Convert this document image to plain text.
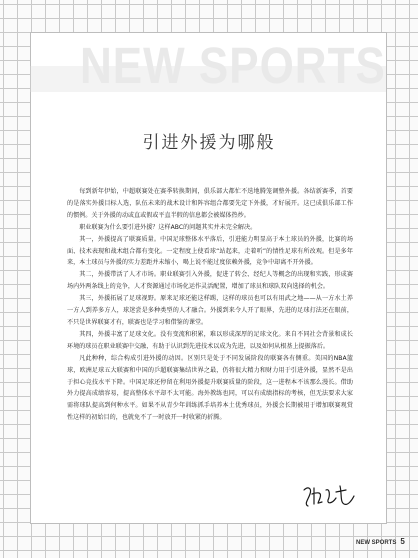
NEW SPORTS
引进外援为哪般

每到新年伊始，中超联赛处在赛季转换期间，俱乐部大都忙不迭地腾笼调整外援。各结新赛季，首要的是落实外援目标人选，队伍未来的战术设计和阵容组合都要先定下外援，才好展开。这已成俱乐部工作的惯例。关于外援的动或直或假或平直半假的信息都会被媒体热炒。

职业联赛为什么要引进外援？这样ABC的问题其实并未完全解决。

其一，外援提高了联赛质量。中国足球整体水平落后，引进能力明显高于本土球员的外援，比赛的场面、技术表现和战术组合都有变化。一定程度上使看球“站起来，走着听”的情性足球有所改观。但是多年来，本土球员与外援的实力差距并未缩小，喝上说不能过度依赖外援，竞争中却离不开外援。

其二，外援带活了人才市场。职业联赛引入外援，促进了转会、经纪人等概念的出现和实践，形成赛场内外两条线上的竞争，人才资源通过市场化运作灵活配置，增加了球员和球队双向选择的机会。

其三，外援拓展了足球视野。原来足球还能这样踢，这样的球员也可以有用武之地——从一方水土养一方人到养多方人，球迷尝是多种类型的人才融合。外援到来令人开了眼界，先进的足球打法还在眼前，不只是世界联赛才有，联赛也是学习和借鉴的课堂。

其四，外援丰富了足球文化。没有变流和积累，难以形成深厚的足球文化。来自不同社会背景和成长环境的球员在职业联赛中交融，有助于认识到先进技术以成为先进，以及如何从根基上提振落后。

凡此种种，综合构成引进外援的动因。区别只是处于不同发展阶段的联赛各有侧重。美国的NBA篮球，欧洲足球五大联赛和中国的乒超联赛集结世界之最，仍将很大精力和财力用于引进外援，显然不是出于担心竞技水平下降。中国足球还停留在利用外援提升联赛质量的阶段，这一进程本不该那么漫长。借助外力提高成绩容易，提高整体水平却不太可能。海外教练也同，可以有成绩指标的考核，但无法要求大家需将球队提高到何种水平。如果不从青少年训练抓手培养本土优秀球员，外援会长期被用于增加联赛观赏性这样的初始目的，也就免不了一时放开一时收紧的折腾。

NEW SPORTS 5
